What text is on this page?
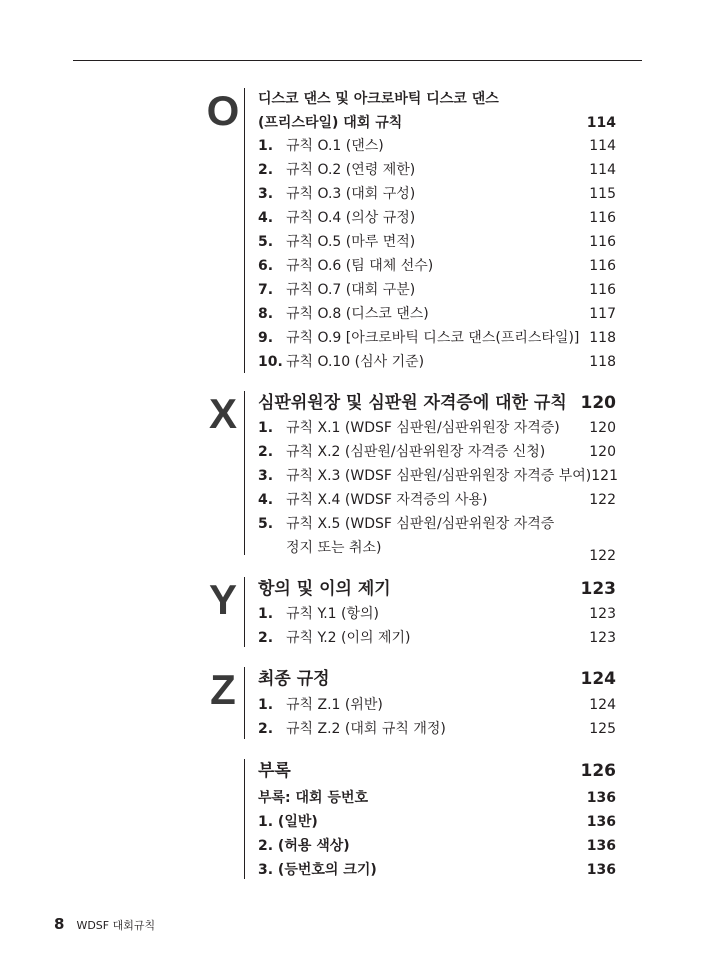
O 디스코 댄스 및 아크로바틱 디스코 댄스
(프리스타일) 대회 규칙	114
1. 규칙 O.1 (댄스)	114
2. 규칙 O.2 (연령 제한)	114
3. 규칙 O.3 (대회 구성)	115
4. 규칙 O.4 (의상 규정)	116
5. 규칙 O.5 (마루 면적)	116
6. 규칙 O.6 (팀 대체 선수)	116
7. 규칙 O.7 (대회 구분)	116
8. 규칙 O.8 (디스코 댄스)	117
9. 규칙 O.9 [아크로바틱 디스코 댄스(프리스타일)] 118
10. 규칙 O.10 (심사 기준)	118
X 심판위원장 및 심판원 자격증에 대한 규칙 120
1. 규칙 X.1 (WDSF 심판원/심판위원장 자격증) 120
2. 규칙 X.2 (심판원/심판위원장 자격증 신청)	120
3. 규칙 X.3 (WDSF 심판원/심판위원장 자격증 부여) 121
4. 규칙 X.4 (WDSF 자격증의 사용)	122
5. 규칙 X.5 (WDSF 심판원/심판위원장 자격증
정지 또는 취소)	122
Y 항의 및 이의 제기	123
1. 규칙 Y.1 (항의)	123
2. 규칙 Y.2 (이의 제기)	123
Z 최종 규정	124
1. 규칙 Z.1 (위반)	124
2. 규칙 Z.2 (대회 규칙 개정)	125
부록	126
부록: 대회 등번호	136
1. (일반)	136
2. (허용 색상)	136
3. (등번호의 크기)	136
8 WDSF 대회규칙
